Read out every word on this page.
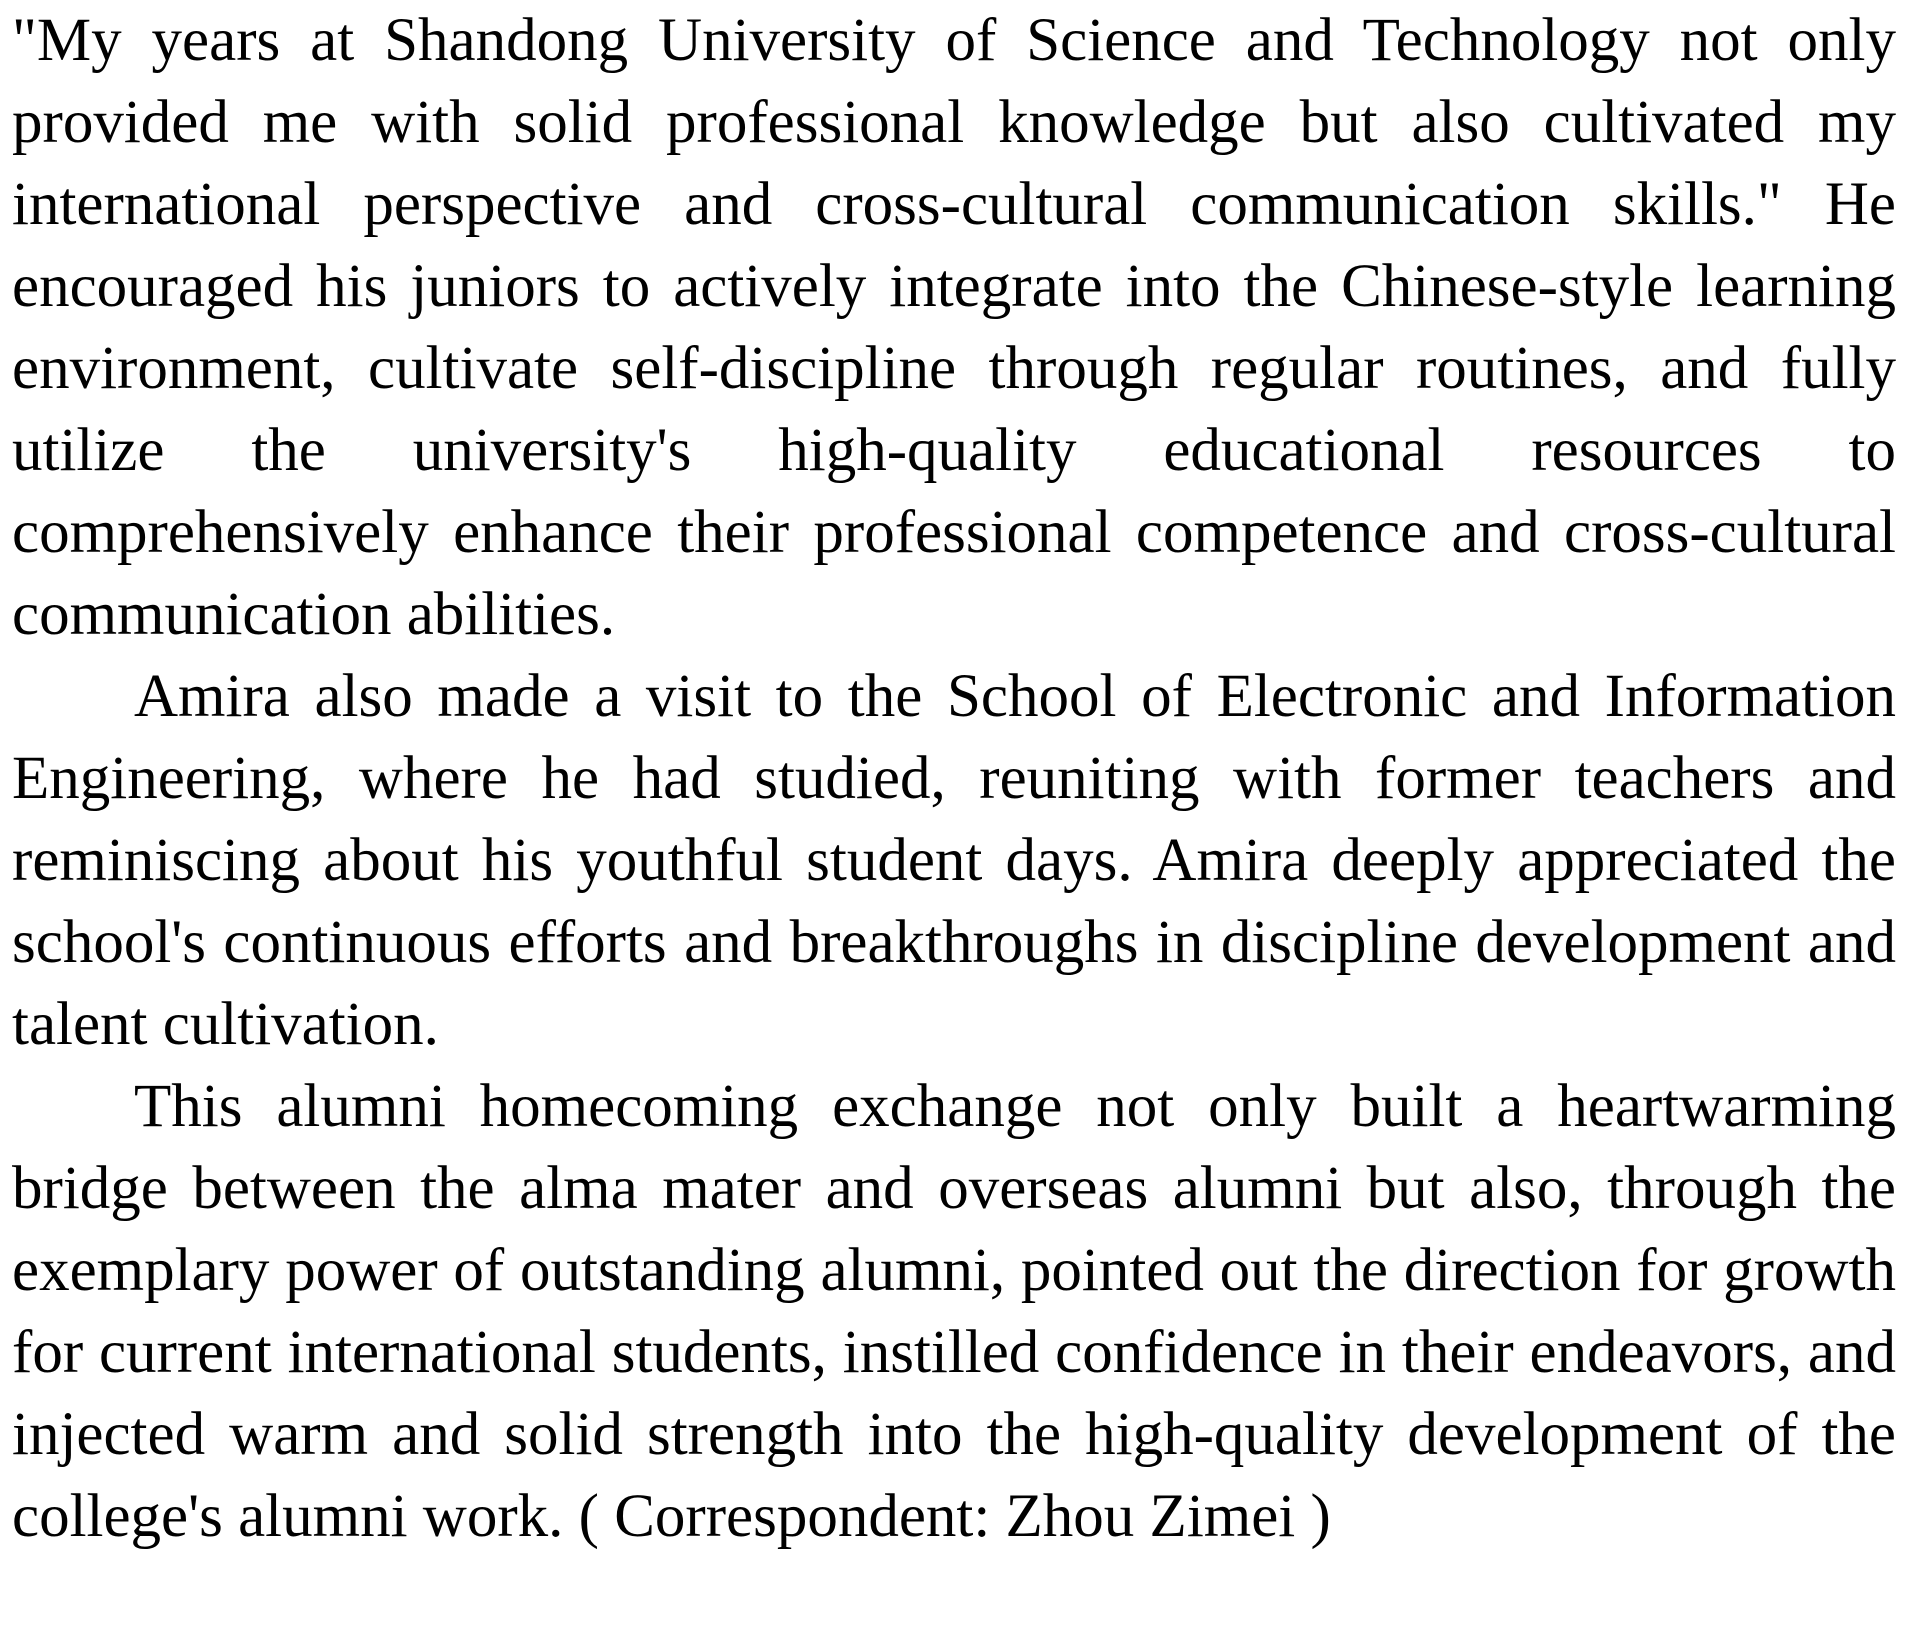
"My years at Shandong University of Science and Technology not only provided me with solid professional knowledge but also cultivated my international perspective and cross-cultural communication skills." He encouraged his juniors to actively integrate into the Chinese-style learning environment, cultivate self-discipline through regular routines, and fully utilize the university's high-quality educational resources to comprehensively enhance their professional competence and cross-cultural communication abilities.

Amira also made a visit to the School of Electronic and Information Engineering, where he had studied, reuniting with former teachers and reminiscing about his youthful student days. Amira deeply appreciated the school's continuous efforts and breakthroughs in discipline development and talent cultivation.

This alumni homecoming exchange not only built a heartwarming bridge between the alma mater and overseas alumni but also, through the exemplary power of outstanding alumni, pointed out the direction for growth for current international students, instilled confidence in their endeavors, and injected warm and solid strength into the high-quality development of the college's alumni work. ( Correspondent: Zhou Zimei )
